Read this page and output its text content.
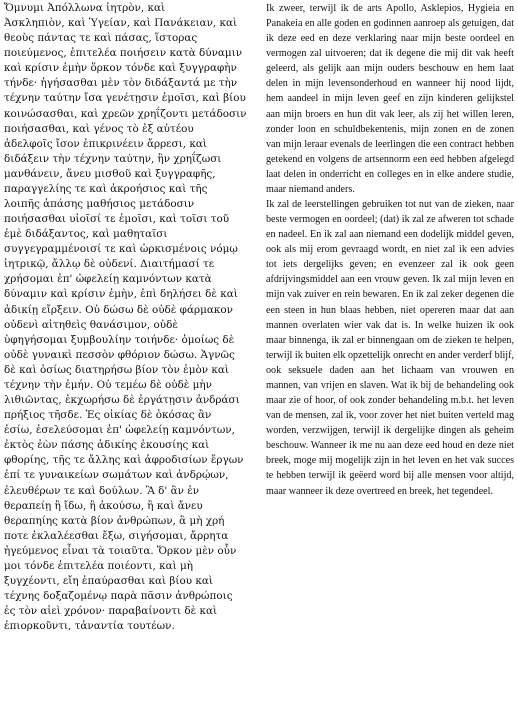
Ὄμνυμι Ἀπόλλωνα ἰητρὸν, καὶ
Ἀσκληπιὸν, καὶ Ὑγείαν, καὶ Πανάκειαν, καὶ
θεοὺς πάντας τε καὶ πάσας, ἵστορας
ποιεύμενος, ἐπιτελέα ποιήσειν κατὰ δύναμιν
καὶ κρίσιν ἐμὴν ὅρκον τόνδε καὶ ξυγγραφὴν
τήνδε· ἡγήσασθαι μὲν τὸν διδάξαντά με τὴν
τέχνην ταύτην ἴσα γενέτῃσιν ἐμοῖσι, καὶ βίου
κοινώσασθαι, καὶ χρεῶν χρηΐζοντι μετάδοσιν
ποιήσασθαι, καὶ γένος τὸ ἐξ αὐτέου
ἀδελφοῖς ἴσον ἐπικρινέειν ἄρρεσι, καὶ
διδάξειν τὴν τέχνην ταύτην, ἢν χρηΐζωσι
μανθάνειν, ἄνευ μισθοῦ καὶ ξυγγραφῆς,
παραγγελίης τε καὶ ἀκροήσιος καὶ τῆς
λοιπῆς ἁπάσης μαθήσιος μετάδοσιν
ποιήσασθαι υἱοῖσί τε ἐμοῖσι, καὶ τοῖσι τοῦ
ἐμὲ διδάξαντος, καὶ μαθηταῖσι
συγγεγραμμένοισί τε καὶ ὡρκισμένοις νόμῳ
ἰητρικῷ, ἄλλῳ δὲ οὐδενί. Διαιτήμασί τε
χρήσομαι ἐπ' ὠφελείῃ καμνόντων κατὰ
δύναμιν καὶ κρίσιν ἐμὴν, ἐπὶ δηλήσει δὲ καὶ
ἀδικίῃ εἴρξειν. Οὐ δώσω δὲ οὐδὲ φάρμακον
οὐδενὶ αἰτηθεὶς θανάσιμον, οὐδὲ
ὑφηγήσομαι ξυμβουλίην τοιήνδε· ὁμοίως δὲ
οὐδὲ γυναικὶ πεσσὸν φθόριον δώσω. Ἁγνῶς
δὲ καὶ ὁσίως διατηρήσω βίον τὸν ἐμὸν καὶ
τέχνην τὴν ἐμήν. Οὐ τεμέω δὲ οὐδὲ μὴν
λιθιῶντας, ἐκχωρήσω δὲ ἐργάτῃσιν ἀνδράσι
πρήξιος τῆσδε. Ἐς οἰκίας δὲ ὁκόσας ἂν
ἐσίω, ἐσελεύσομαι ἐπ' ὠφελείῃ καμνόντων,
ἐκτὸς ἐὼν πάσης ἀδικίης ἑκουσίης καὶ
φθορίης, τῆς τε ἄλλης καὶ ἀφροδισίων ἔργων
ἐπί τε γυναικείων σωμάτων καὶ ἀνδρῴων,
ἐλευθέρων τε καὶ δούλων. Ἃ δ' ἂν ἐν
θεραπείῃ ἢ ἴδω, ἢ ἀκούσω, ἢ καὶ ἄνευ
θεραπηίης κατὰ βίον ἀνθρώπων, ἃ μὴ χρή
ποτε ἐκλαλέεσθαι ἔξω, σιγήσομαι, ἄρρητα
ἡγεύμενος εἶναι τὰ τοιαῦτα. Ὅρκον μὲν οὖν
μοι τόνδε ἐπιτελέα ποιέοντι, καὶ μὴ
ξυγχέοντι, εἴη ἐπαύρασθαι καὶ βίου καὶ
τέχνης δοξαζομένῳ παρὰ πᾶσιν ἀνθρώποις
ἐς τὸν αἰεὶ χρόνον· παραβαίνοντι δὲ καὶ
ἐπιορκοῦντι, τἀναντία τουτέων.

Ik zweer, terwijl ik de arts Apollo, Asklepios, Hygieia en Panakeia en alle goden en godinnen aanroep als getuigen, dat ik deze eed en deze verklaring naar mijn beste oordeel en vermogen zal uitvoeren; dat ik degene die mij dit vak heeft geleerd, als gelijk aan mijn ouders beschouw en hem laat delen in mijn levensonderhoud en wanneer hij nood lijdt, hem aandeel in mijn leven geef en zijn kinderen gelijkstel aan mijn broers en hun dit vak leer, als zij het willen leren, zonder loon en schuldbekentenis, mijn zonen en de zonen van mijn leraar evenals de leerlingen die een contract hebben getekend en volgens de artsennorm een eed hebben afgelegd laat delen in onderricht en colleges en in elke andere studie, maar niemand anders.

Ik zal de leerstellingen gebruiken tot nut van de zieken, naar beste vermogen en oordeel; (dat) ik zal ze afweren tot schade en nadeel. En ik zal aan niemand een dodelijk middel geven, ook als mij erom gevraagd wordt, en niet zal ik een advies tot iets dergelijks geven; en evenzeer zal ik ook geen afdrijvingsmiddel aan een vrouw geven. Ik zal mijn leven en mijn vak zuiver en rein bewaren. En ik zal zeker degenen die een steen in hun blaas hebben, niet opereren maar dat aan mannen overlaten wier vak dat is. In welke huizen ik ook maar binnenga, ik zal er binnengaan om de zieken te helpen, terwijl ik buiten elk opzettelijk onrecht en ander verderf blijf, ook seksuele daden aan het lichaam van vrouwen en mannen, van vrijen en slaven. Wat ik bij de behandeling ook maar zie of hoor, of ook zonder behandeling m.b.t. het leven van de mensen, zal ik, voor zover het niet buiten verteld mag worden, verzwijgen, terwijl ik dergelijke dingen als geheim beschouw. Wanneer ik me nu aan deze eed houd en deze niet breek, moge mij mogelijk zijn in het leven en het vak succes te hebben terwijl ik geëerd word bij alle mensen voor altijd, maar wanneer ik deze overtreed en breek, het tegendeel.
